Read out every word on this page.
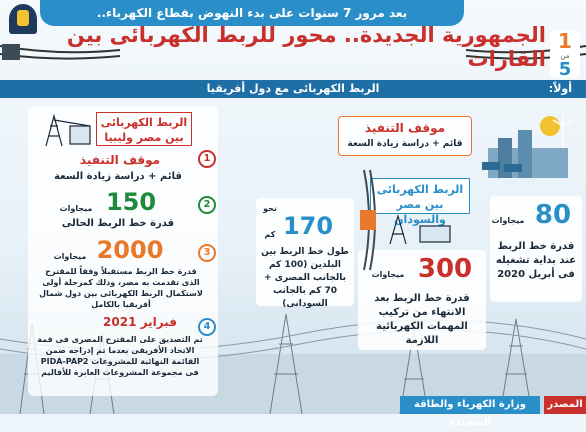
بعد مرور 7 سنوات على بدء النهوض بقطاع الكهرباء..
الجمهورية الجديدة.. محور للربط الكهربائى بين القارات
1
من
5
الربط الكهربائى مع دول أفريقيا	أولاً:
الربط الكهربائى
بين مصر وليبيا
1
موقف التنفيذ
قائم + دراسة زيادة السعة
2
150
ميجاوات
قدرة خط الربط الحالى
3
2000
ميجاوات
قدرة خط الربط مستقبلاً وفقاً للمقترح الذى تقدمت به مصر، وذلك كمرحلة أولى لاستكمال الربط الكهربائى بين دول شمال أفريقيا بالكامل
4
فبراير 2021
تم التصديق على المقترح المصرى فى قمة الاتحاد الأفريقى بعدما تم إدراجه ضمن القائمة النهائية للمشروعات PIDA-PAP2 فى مجموعة المشروعات العابرة للأقاليم
موقف التنفيذ
قائم + دراسة زيادة السعة
الربط الكهربائى
بين مصر والسودان	80
ميجاوات
قدرة خط الربط عند بداية تشغيله فى أبريل 2020
300
ميجاوات
قدرة خط الربط بعد الانتهاء من تركيب المهمات الكهربائية اللازمة
نحو
170
كم
طول خط الربط بين البلدين (100 كم بالجانب المصرى + 70 كم بالجانب السودانى)
المصدر
وزارة الكهرباء والطاقة المتجددة
